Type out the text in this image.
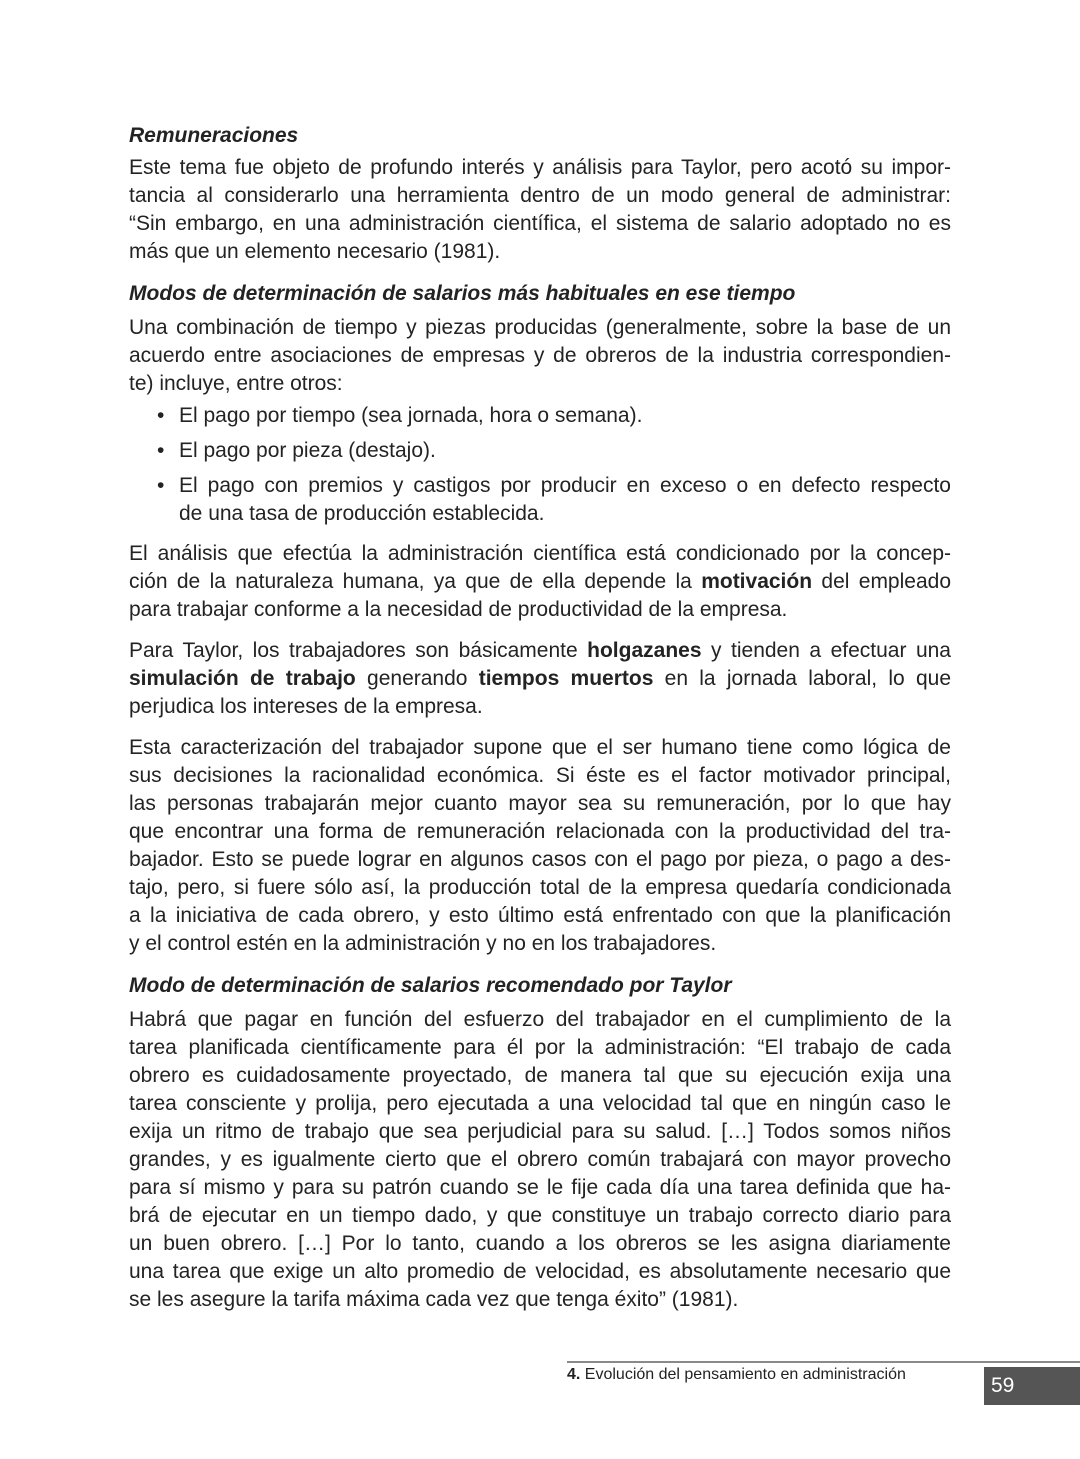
Remuneraciones
Este tema fue objeto de profundo interés y análisis para Taylor, pero acotó su impor-
tancia al considerarlo una herramienta dentro de un modo general de administrar:
“Sin embargo, en una administración científica, el sistema de salario adoptado no es
más que un elemento necesario (1981).
Modos de determinación de salarios más habituales en ese tiempo
Una combinación de tiempo y piezas producidas (generalmente, sobre la base de un
acuerdo entre asociaciones de empresas y de obreros de la industria correspondien-
te) incluye, entre otros:
• El pago por tiempo (sea jornada, hora o semana).
• El pago por pieza (destajo).
• El pago con premios y castigos por producir en exceso o en defecto respecto
de una tasa de producción establecida.
El análisis que efectúa la administración científica está condicionado por la concep-
ción de la naturaleza humana, ya que de ella depende la motivación del empleado
para trabajar conforme a la necesidad de productividad de la empresa.
Para Taylor, los trabajadores son básicamente holgazanes y tienden a efectuar una
simulación de trabajo generando tiempos muertos en la jornada laboral, lo que
perjudica los intereses de la empresa.
Esta caracterización del trabajador supone que el ser humano tiene como lógica de
sus decisiones la racionalidad económica. Si éste es el factor motivador principal,
las personas trabajarán mejor cuanto mayor sea su remuneración, por lo que hay
que encontrar una forma de remuneración relacionada con la productividad del tra-
bajador. Esto se puede lograr en algunos casos con el pago por pieza, o pago a des-
tajo, pero, si fuere sólo así, la producción total de la empresa quedaría condicionada
a la iniciativa de cada obrero, y esto último está enfrentado con que la planificación
y el control estén en la administración y no en los trabajadores.
Modo de determinación de salarios recomendado por Taylor
Habrá que pagar en función del esfuerzo del trabajador en el cumplimiento de la
tarea planificada científicamente para él por la administración: “El trabajo de cada
obrero es cuidadosamente proyectado, de manera tal que su ejecución exija una
tarea consciente y prolija, pero ejecutada a una velocidad tal que en ningún caso le
exija un ritmo de trabajo que sea perjudicial para su salud. […] Todos somos niños
grandes, y es igualmente cierto que el obrero común trabajará con mayor provecho
para sí mismo y para su patrón cuando se le fije cada día una tarea definida que ha-
brá de ejecutar en un tiempo dado, y que constituye un trabajo correcto diario para
un buen obrero. […] Por lo tanto, cuando a los obreros se les asigna diariamente
una tarea que exige un alto promedio de velocidad, es absolutamente necesario que
se les asegure la tarifa máxima cada vez que tenga éxito” (1981).
4. Evolución del pensamiento en administración	59
